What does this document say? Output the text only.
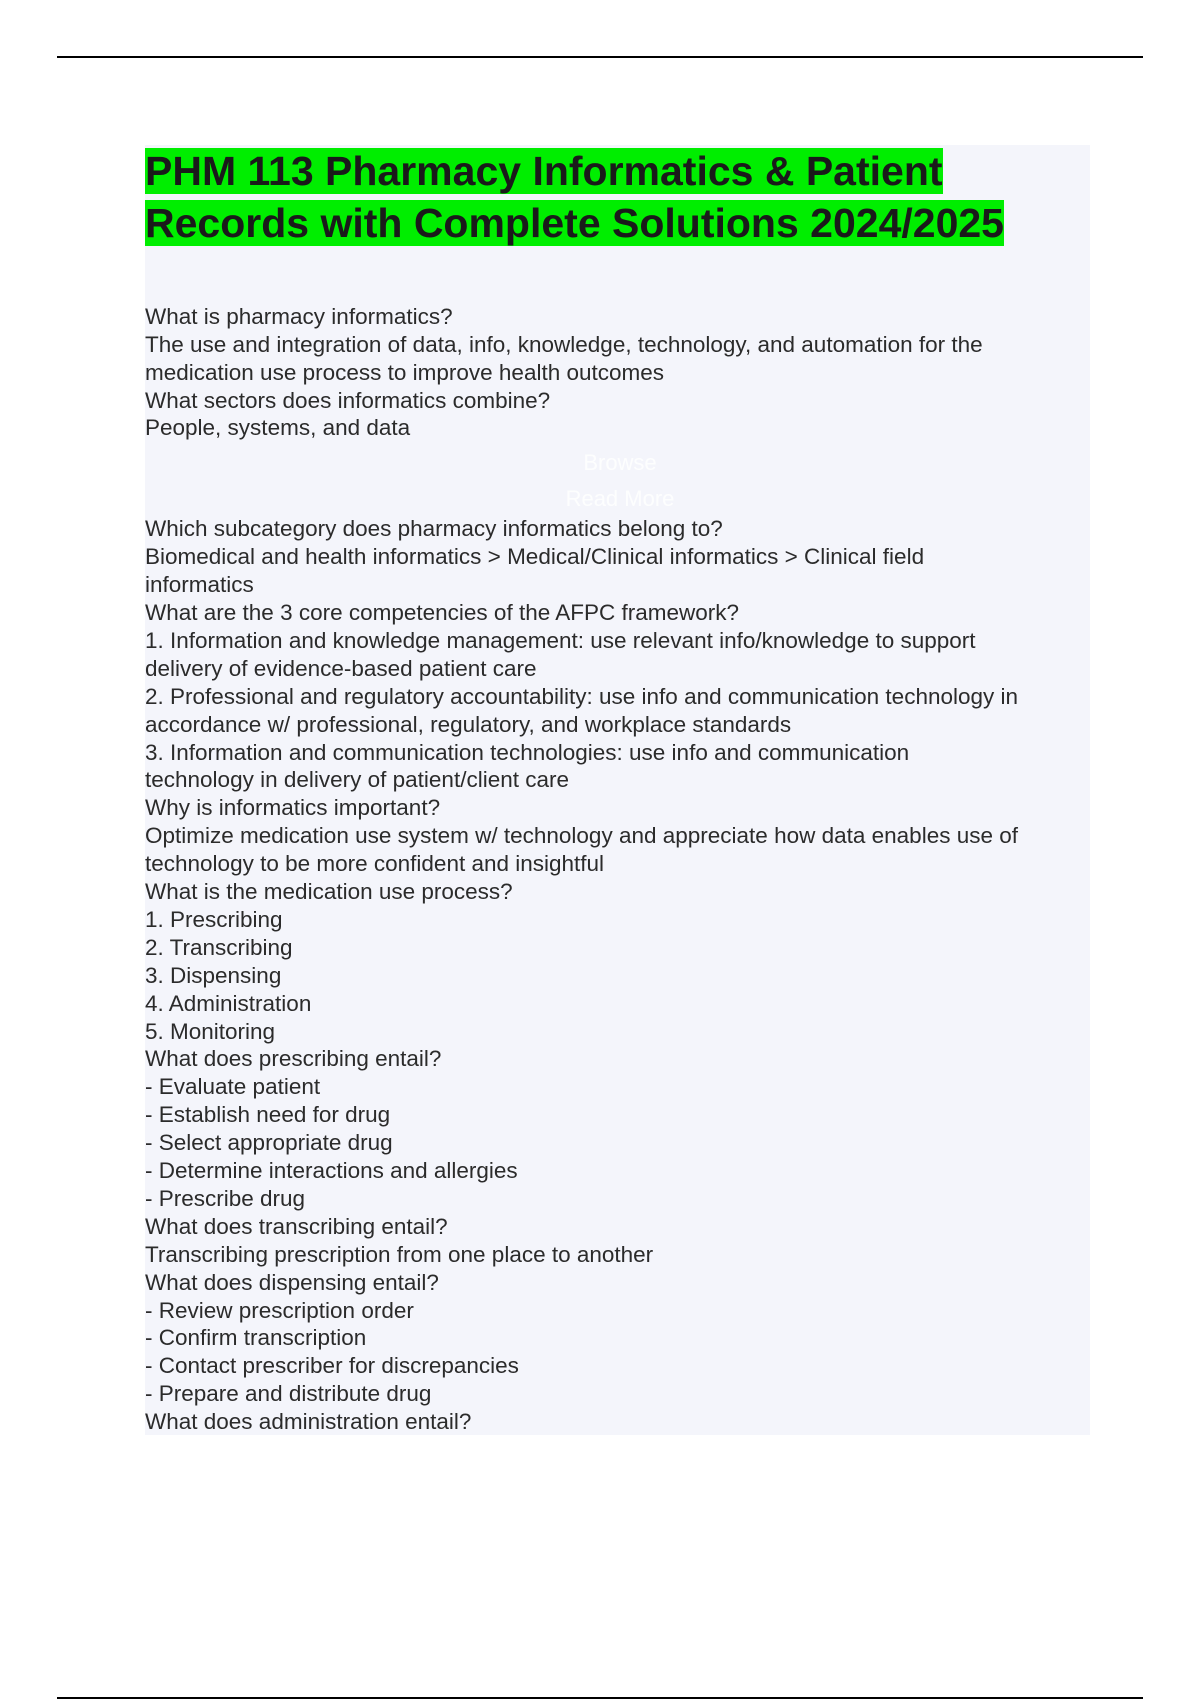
PHM 113 Pharmacy Informatics & Patient
Records with Complete Solutions 2024/2025
Browse
Read More
What is pharmacy informatics?
The use and integration of data, info, knowledge, technology, and automation for the
medication use process to improve health outcomes
What sectors does informatics combine?
People, systems, and data
Which subcategory does pharmacy informatics belong to?
Biomedical and health informatics > Medical/Clinical informatics > Clinical field
informatics
What are the 3 core competencies of the AFPC framework?
1. Information and knowledge management: use relevant info/knowledge to support
delivery of evidence-based patient care
2. Professional and regulatory accountability: use info and communication technology in
accordance w/ professional, regulatory, and workplace standards
3. Information and communication technologies: use info and communication
technology in delivery of patient/client care
Why is informatics important?
Optimize medication use system w/ technology and appreciate how data enables use of
technology to be more confident and insightful
What is the medication use process?
1. Prescribing
2. Transcribing
3. Dispensing
4. Administration
5. Monitoring
What does prescribing entail?
- Evaluate patient
- Establish need for drug
- Select appropriate drug
- Determine interactions and allergies
- Prescribe drug
What does transcribing entail?
Transcribing prescription from one place to another
What does dispensing entail?
- Review prescription order
- Confirm transcription
- Contact prescriber for discrepancies
- Prepare and distribute drug
What does administration entail?
